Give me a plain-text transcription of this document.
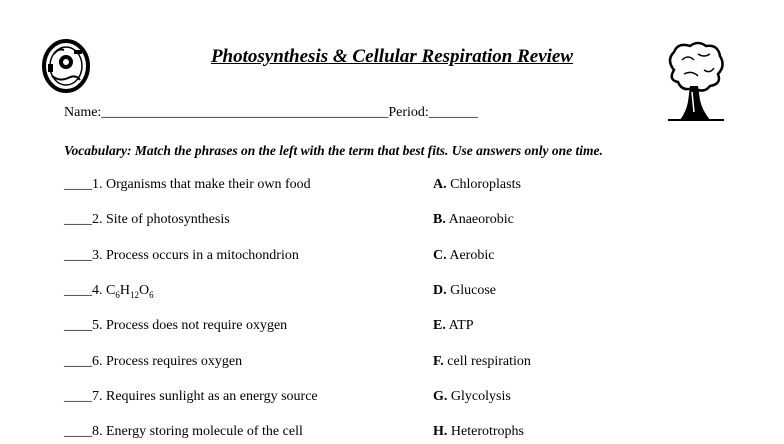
Photosynthesis & Cellular Respiration Review
Name:_________________________________________Period:_______
Vocabulary: Match the phrases on the left with the term that best fits. Use answers only one time.
____1. Organisms that make their own food	A. Chloroplasts
____2. Site of photosynthesis	B. Anaeorobic
____3. Process occurs in a mitochondrion	C. Aerobic
____4. $C_6H_{12}O_6$	D. Glucose
____5. Process does not require oxygen	E. ATP
____6. Process requires oxygen	F. cell respiration
____7. Requires sunlight as an energy source	G. Glycolysis
____8. Energy storing molecule of the cell	H. Heterotrophs
